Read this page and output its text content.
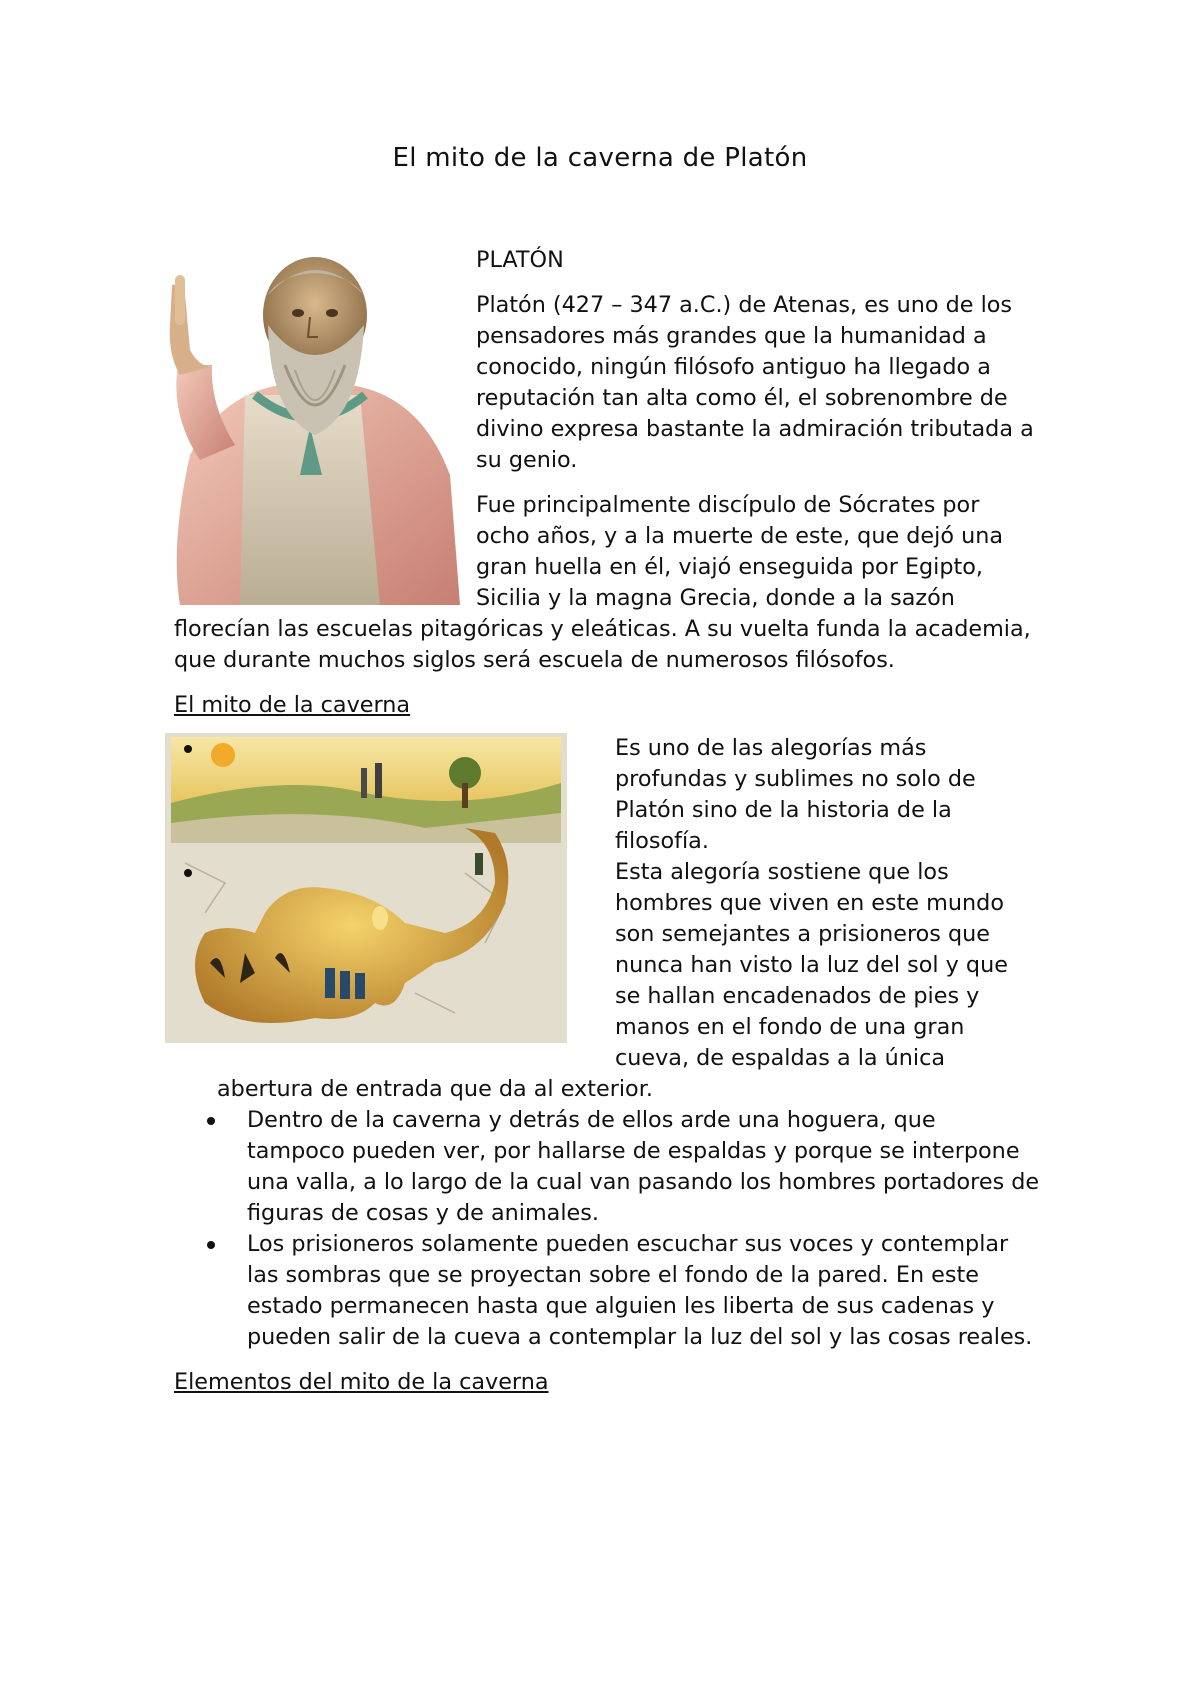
El mito de la caverna de Platón

PLATÓN

Platón (427 – 347 a.C.) de Atenas, es uno de los pensadores más grandes que la humanidad a conocido, ningún filósofo antiguo ha llegado a reputación tan alta como él, el sobrenombre de divino expresa bastante la admiración tributada a su genio.

Fue principalmente discípulo de Sócrates por ocho años, y a la muerte de este, que dejó una gran huella en él, viajó enseguida por Egipto, Sicilia y la magna Grecia, donde a la sazón florecían las escuelas pitagóricas y eleáticas. A su vuelta funda la academia, que durante muchos siglos será escuela de numerosos filósofos.

El mito de la caverna

Es uno de las alegorías más profundas y sublimes no solo de Platón sino de la historia de la filosofía.
Esta alegoría sostiene que los hombres que viven en este mundo son semejantes a prisioneros que nunca han visto la luz del sol y que se hallan encadenados de pies y manos en el fondo de una gran cueva, de espaldas a la única abertura de entrada que da al exterior.
Dentro de la caverna y detrás de ellos arde una hoguera, que tampoco pueden ver, por hallarse de espaldas y porque se interpone una valla, a lo largo de la cual van pasando los hombres portadores de figuras de cosas y de animales.
Los prisioneros solamente pueden escuchar sus voces y contemplar las sombras que se proyectan sobre el fondo de la pared. En este estado permanecen hasta que alguien les liberta de sus cadenas y pueden salir de la cueva a contemplar la luz del sol y las cosas reales.

Elementos del mito de la caverna
